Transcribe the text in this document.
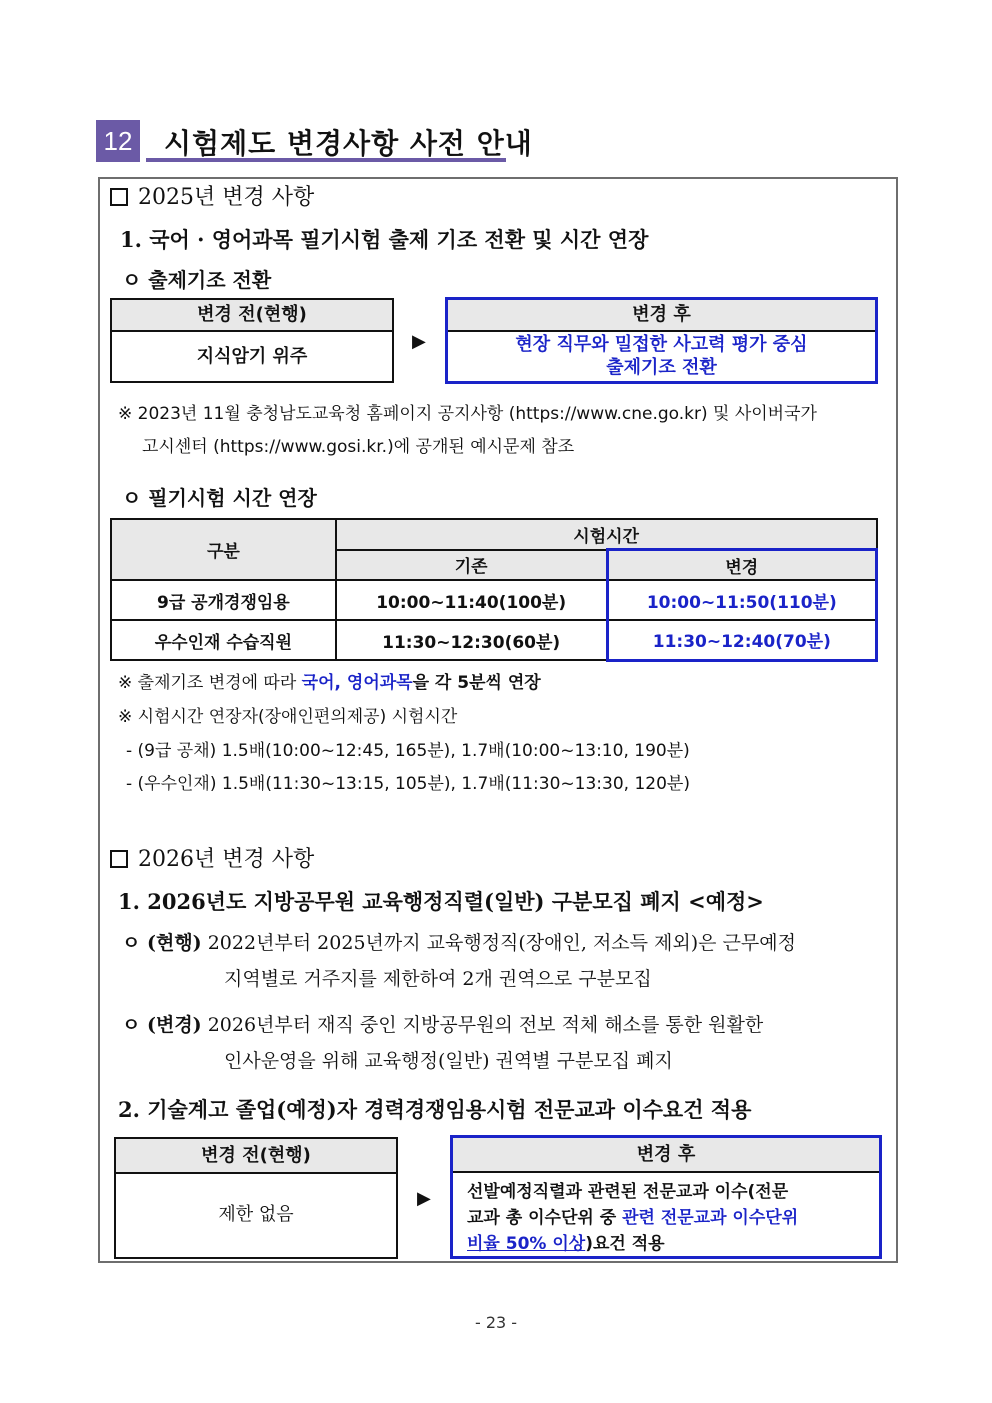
12 시험제도 변경사항 사전 안내
2025년 변경 사항
1. 국어 · 영어과목 필기시험 출제 기조 전환 및 시간 연장
ㅇ 출제기조 전환
변경 전(현행)
지식암기 위주
▶
변경 후
현장 직무와 밀접한 사고력 평가 중심
출제기조 전환
※ 2023년 11월 충청남도교육청 홈페이지 공지사항 (https://www.cne.go.kr) 및 사이버국가
고시센터 (https://www.gosi.kr.)에 공개된 예시문제 참조
ㅇ 필기시험 시간 연장
구분	시험시간	
	기존	변경
9급 공개경쟁임용	10:00~11:40(100분)	10:00~11:50(110분)
우수인재 수습직원	11:30~12:30(60분)	11:30~12:40(70분)
※ 출제기조 변경에 따라 국어, 영어과목을 각 5분씩 연장
※ 시험시간 연장자(장애인편의제공) 시험시간
- (9급 공채) 1.5배(10:00~12:45, 165분), 1.7배(10:00~13:10, 190분)
- (우수인재) 1.5배(11:30~13:15, 105분), 1.7배(11:30~13:30, 120분)
2026년 변경 사항
1. 2026년도 지방공무원 교육행정직렬(일반) 구분모집 폐지 <예정>
ㅇ (현행) 2022년부터 2025년까지 교육행정직(장애인, 저소득 제외)은 근무예정
지역별로 거주지를 제한하여 2개 권역으로 구분모집
ㅇ (변경) 2026년부터 재직 중인 지방공무원의 전보 적체 해소를 통한 원활한
인사운영을 위해 교육행정(일반) 권역별 구분모집 폐지
2. 기술계고 졸업(예정)자 경력경쟁임용시험 전문교과 이수요건 적용
변경 전(현행)
제한 없음
▶
변경 후
선발예정직렬과 관련된 전문교과 이수(전문
교과 총 이수단위 중 관련 전문교과 이수단위
비율 50% 이상)요건 적용
- 23 -
